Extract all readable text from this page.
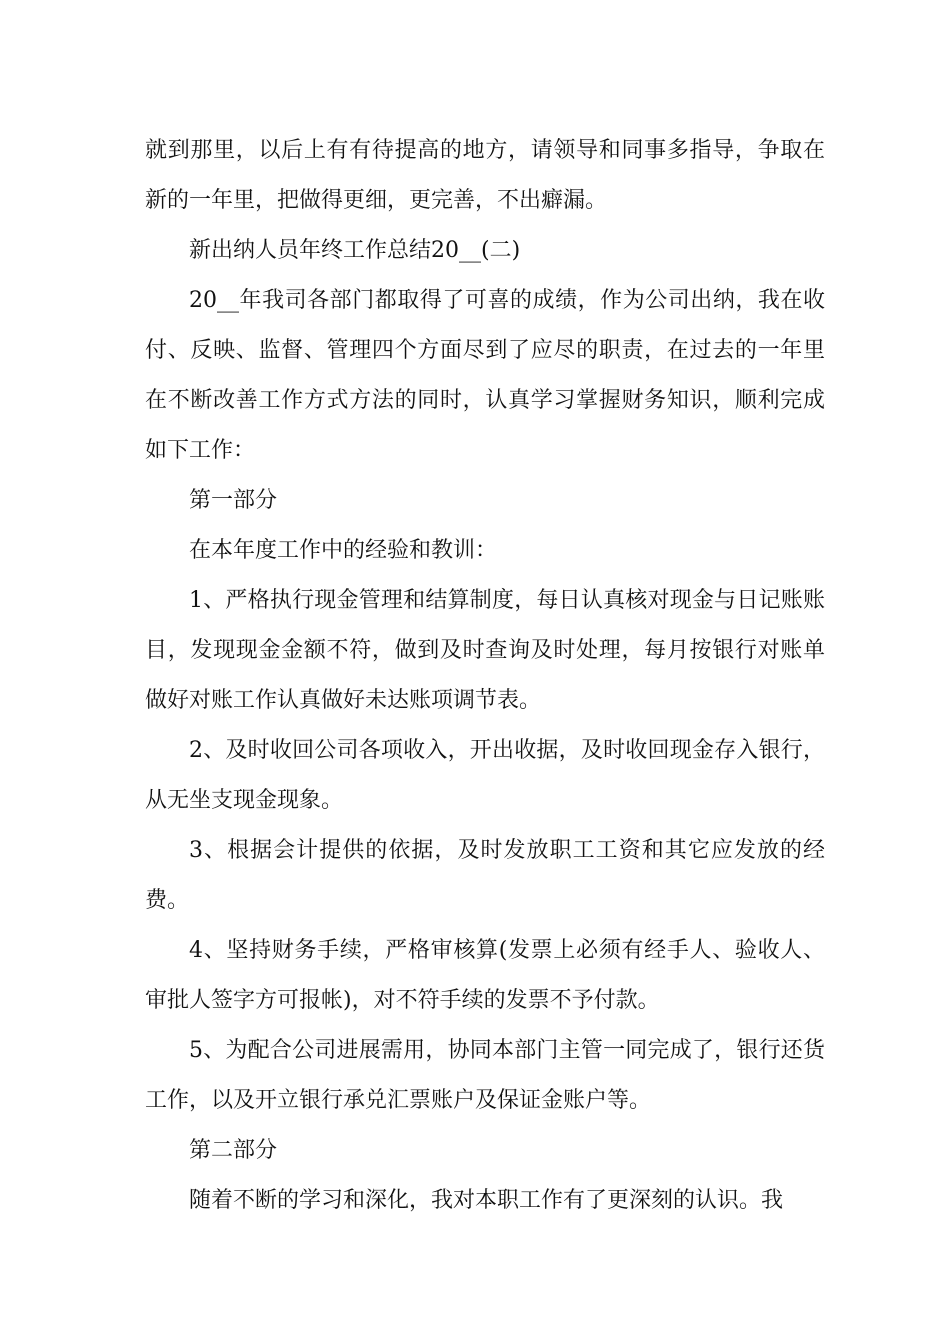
就到那里，以后上有有待提高的地方，请领导和同事多指导，争取在新的一年里，把做得更细，更完善，不出癖漏。

新出纳人员年终工作总结20__(二)

20__年我司各部门都取得了可喜的成绩，作为公司出纳，我在收付、反映、监督、管理四个方面尽到了应尽的职责，在过去的一年里在不断改善工作方式方法的同时，认真学习掌握财务知识，顺利完成如下工作：

第一部分

在本年度工作中的经验和教训：

1、严格执行现金管理和结算制度，每日认真核对现金与日记账账目，发现现金金额不符，做到及时查询及时处理，每月按银行对账单做好对账工作认真做好未达账项调节表。

2、及时收回公司各项收入，开出收据，及时收回现金存入银行，从无坐支现金现象。

3、根据会计提供的依据，及时发放职工工资和其它应发放的经费。

4、坚持财务手续，严格审核算(发票上必须有经手人、验收人、审批人签字方可报帐)，对不符手续的发票不予付款。

5、为配合公司进展需用，协同本部门主管一同完成了，银行还货工作，以及开立银行承兑汇票账户及保证金账户等。

第二部分

随着不断的学习和深化，我对本职工作有了更深刻的认识。我
